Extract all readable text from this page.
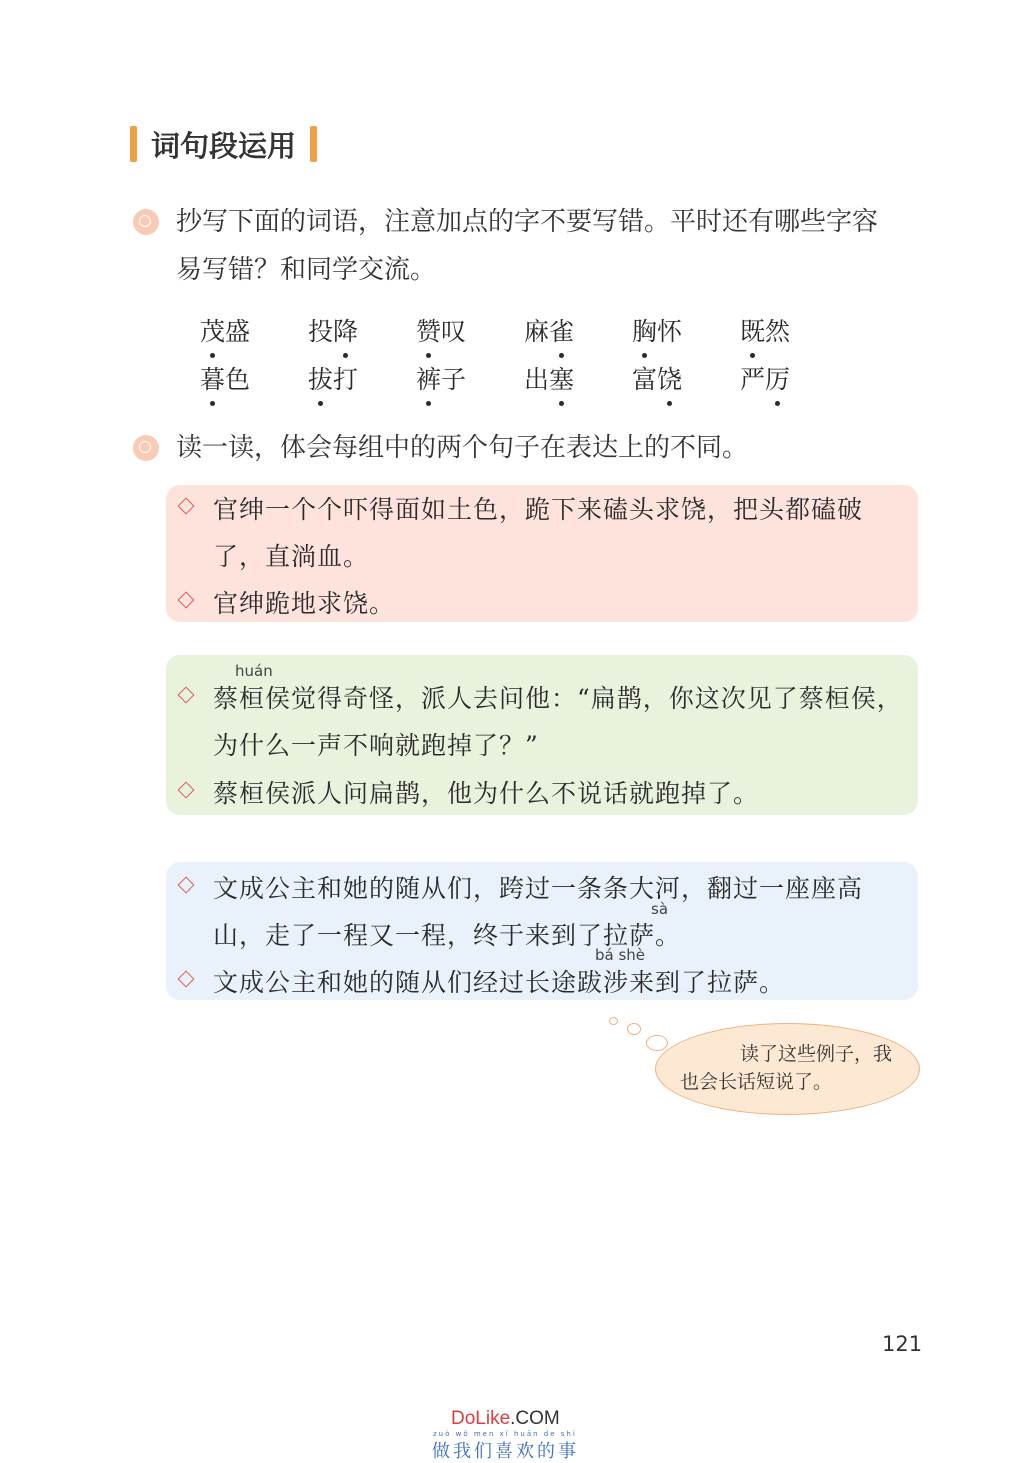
词句段运用
抄写下面的词语，注意加点的字不要写错。平时还有哪些字容
易写错？和同学交流。
茂 盛 投 降 赞 叹 麻 雀 胸 怀 既 然
暮 色 拔 打 裤 子 出 塞 富 饶 严 厉
读一读，体会每组中的两个句子在表达上的不同。
官绅一个个吓得面如土色，跪下来磕头求饶，把头都磕破
了，直淌血。
官绅跪地求饶。
huán
蔡桓侯觉得奇怪，派人去问他：“扁鹊，你这次见了蔡桓侯，
为什么一声不响就跑掉了？”
蔡桓侯派人问扁鹊，他为什么不说话就跑掉了。
文成公主和她的随从们，跨过一条条大河，翻过一座座高
sà
山，走了一程又一程，终于来到了拉萨。
bá shè
文成公主和她的随从们经过长途跋涉来到了拉萨。
读了这些例子，我
也会长话短说了。
121
DoLike.COM
zuò wǒ men xǐ huān de shì
做我们喜欢的事
